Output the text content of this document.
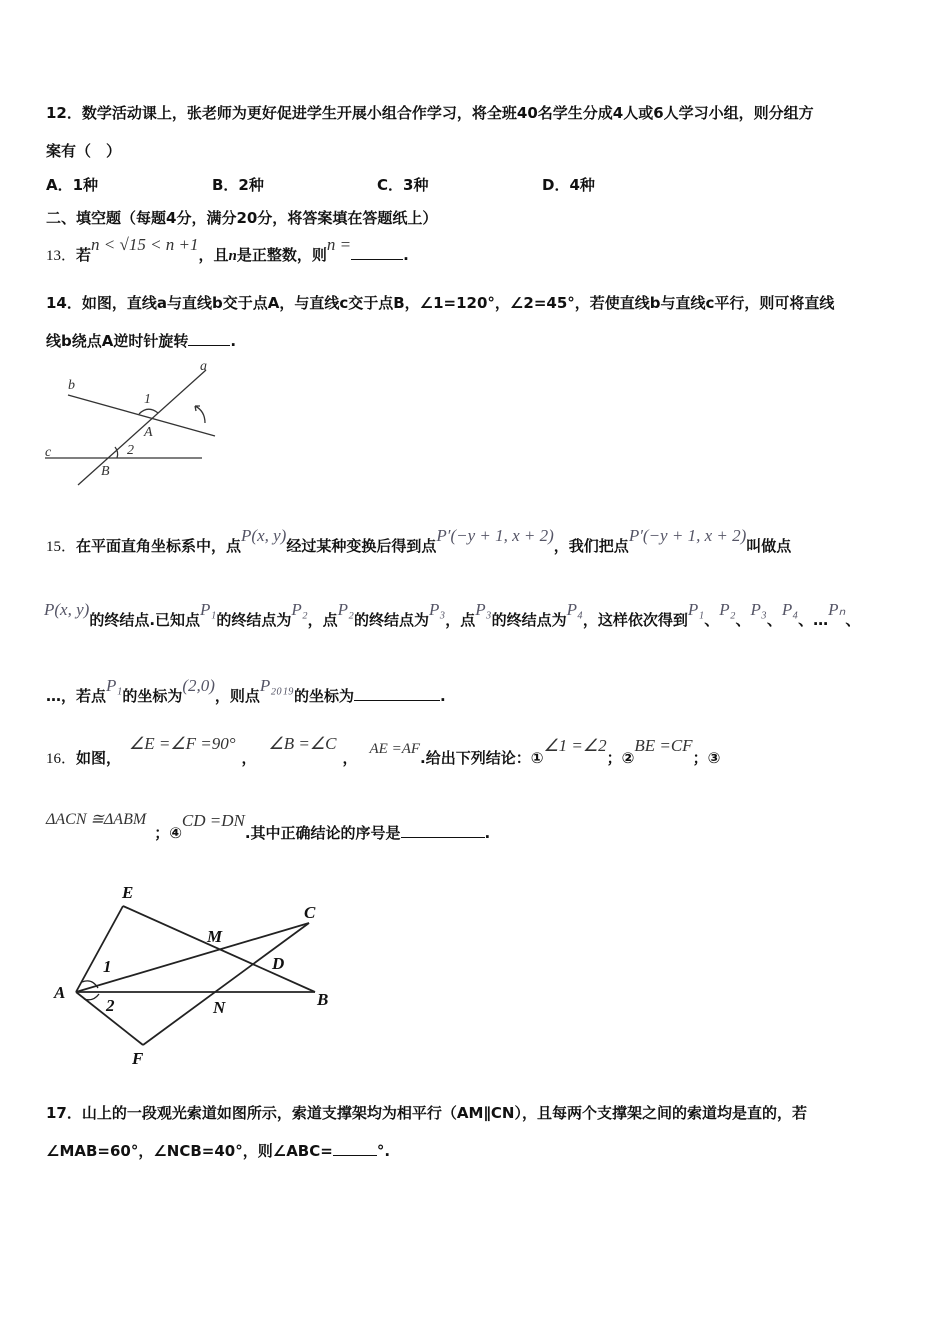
12．数学活动课上，张老师为更好促进学生开展小组合作学习，将全班40名学生分成4人或6人学习小组，则分组方
案有（　）
A．1种	B．2种	C．3种	D．4种
二、填空题（每题4分，满分20分，将答案填在答题纸上）
13．若n < √15 < n +1，且n是正整数，则n =.
14．如图，直线a与直线b交于点A，与直线c交于点B，∠1=120°，∠2=45°，若使直线b与直线c平行，则可将直线
线b绕点A逆时针旋转	.
a
b
c
1
2
A
B
E
C
M
D
1
A
2	N	B
F
15．在平面直角坐标系中，点P(x, y)经过某种变换后得到点P′(−y + 1, x + 2)，我们把点P′(−y + 1, x + 2)叫做点
P(x, y)的终结点.已知点P₁的终结点为P₂，点P₂的终结点为P₃，点P₃的终结点为P₄，这样依次得到P₁、P₂、P₃、P₄、…Pₙ、
…，若点P₁的坐标为(2,0)，则点P₂₀₁₉的坐标为	.
16．如图，∠E =∠F =90°，∠B =∠C， AE =AF.给出下列结论：①∠1 =∠2；②BE =CF；③
ΔACN ≅ΔABM；④CD =DN.其中正确结论的序号是	.
17．山上的一段观光索道如图所示，索道支撑架均为相平行（AM∥CN），且每两个支撑架之间的索道均是直的，若
∠MAB=60°，∠NCB=40°，则∠ABC=	°.
